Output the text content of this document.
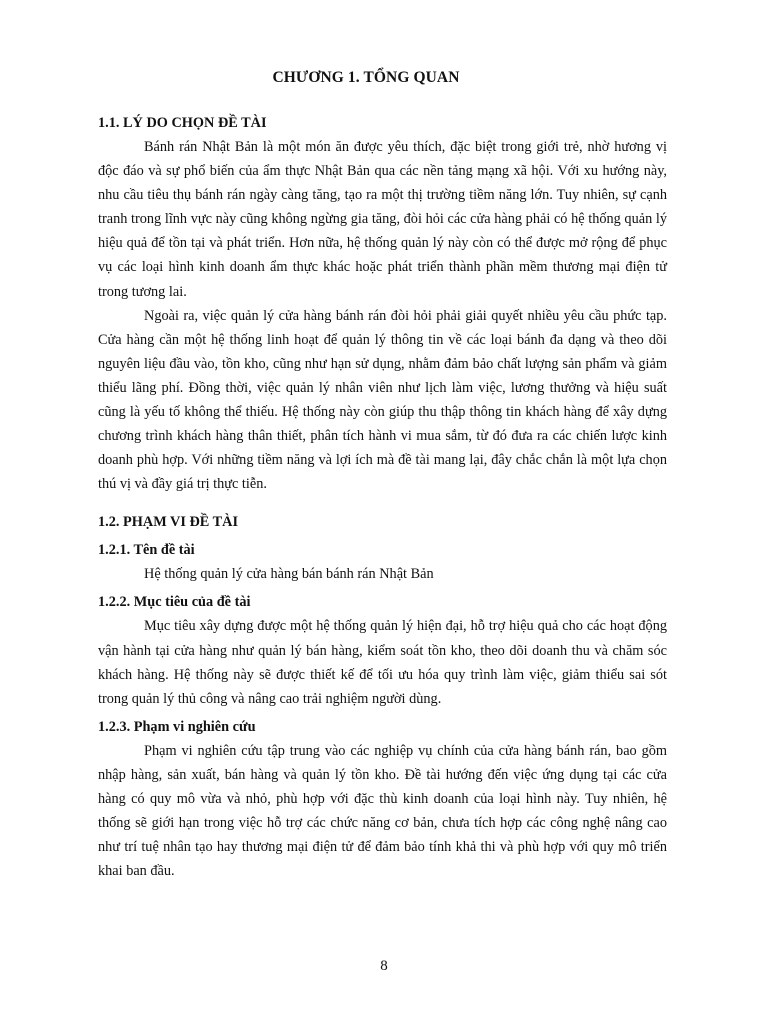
CHƯƠNG 1. TỔNG QUAN
1.1. LÝ DO CHỌN ĐỀ TÀI

Bánh rán Nhật Bản là một món ăn được yêu thích, đặc biệt trong giới trẻ, nhờ hương vị độc đáo và sự phổ biến của ẩm thực Nhật Bản qua các nền tảng mạng xã hội. Với xu hướng này, nhu cầu tiêu thụ bánh rán ngày càng tăng, tạo ra một thị trường tiềm năng lớn. Tuy nhiên, sự cạnh tranh trong lĩnh vực này cũng không ngừng gia tăng, đòi hỏi các cửa hàng phải có hệ thống quản lý hiệu quả để tồn tại và phát triển. Hơn nữa, hệ thống quản lý này còn có thể được mở rộng để phục vụ các loại hình kinh doanh ẩm thực khác hoặc phát triển thành phần mềm thương mại điện tử trong tương lai.

Ngoài ra, việc quản lý cửa hàng bánh rán đòi hỏi phải giải quyết nhiều yêu cầu phức tạp. Cửa hàng cần một hệ thống linh hoạt để quản lý thông tin về các loại bánh đa dạng và theo dõi nguyên liệu đầu vào, tồn kho, cũng như hạn sử dụng, nhằm đảm bảo chất lượng sản phẩm và giảm thiểu lãng phí. Đồng thời, việc quản lý nhân viên như lịch làm việc, lương thưởng và hiệu suất cũng là yếu tố không thể thiếu. Hệ thống này còn giúp thu thập thông tin khách hàng để xây dựng chương trình khách hàng thân thiết, phân tích hành vi mua sắm, từ đó đưa ra các chiến lược kinh doanh phù hợp. Với những tiềm năng và lợi ích mà đề tài mang lại, đây chắc chắn là một lựa chọn thú vị và đầy giá trị thực tiễn.

1.2. PHẠM VI ĐỀ TÀI
1.2.1. Tên đề tài

Hệ thống quản lý cửa hàng bán bánh rán Nhật Bản

1.2.2. Mục tiêu của đề tài

Mục tiêu xây dựng được một hệ thống quản lý hiện đại, hỗ trợ hiệu quả cho các hoạt động vận hành tại cửa hàng như quản lý bán hàng, kiểm soát tồn kho, theo dõi doanh thu và chăm sóc khách hàng. Hệ thống này sẽ được thiết kế để tối ưu hóa quy trình làm việc, giảm thiểu sai sót trong quản lý thủ công và nâng cao trải nghiệm người dùng.

1.2.3. Phạm vi nghiên cứu

Phạm vi nghiên cứu tập trung vào các nghiệp vụ chính của cửa hàng bánh rán, bao gồm nhập hàng, sản xuất, bán hàng và quản lý tồn kho. Đề tài hướng đến việc ứng dụng tại các cửa hàng có quy mô vừa và nhỏ, phù hợp với đặc thù kinh doanh của loại hình này. Tuy nhiên, hệ thống sẽ giới hạn trong việc hỗ trợ các chức năng cơ bản, chưa tích hợp các công nghệ nâng cao như trí tuệ nhân tạo hay thương mại điện tử để đảm bảo tính khả thi và phù hợp với quy mô triển khai ban đầu.

8
